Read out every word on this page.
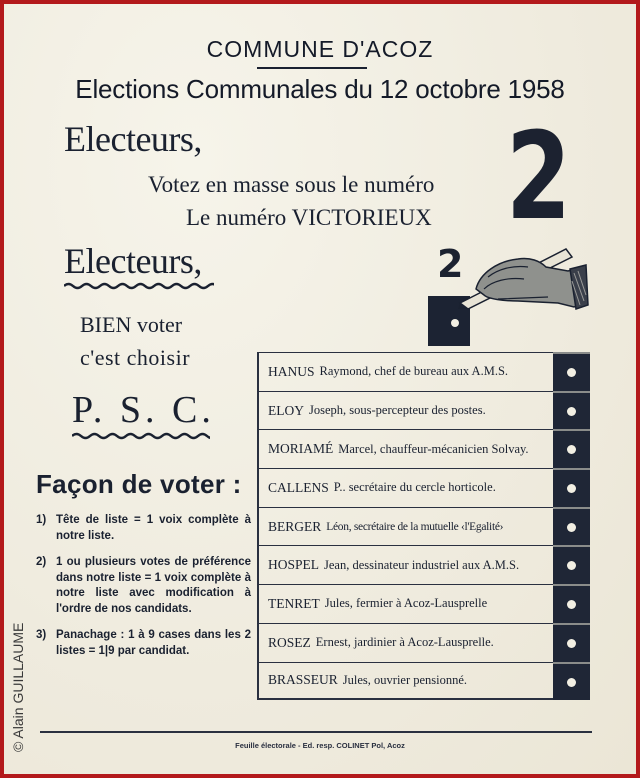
COMMUNE D'ACOZ
Elections Communales du 12 octobre 1958
Electeurs,
Votez en masse sous le numéro
Le numéro VICTORIEUX 2
Electeurs,
BIEN voter
c'est choisir
P. S. C.
Façon de voter :
1) Tête de liste = 1 voix complète à notre liste.
2) 1 ou plusieurs votes de préférence dans notre liste = 1 voix complète à notre liste avec modification à l'ordre de nos candidats.
3) Panachage : 1 à 9 cases dans les 2 listes = 1|9 par candidat.
2
HANUS Raymond, chef de bureau aux A.M.S.
ELOY Joseph, sous-percepteur des postes.
MORIAMÉ Marcel, chauffeur-mécanicien Solvay.
CALLENS P.. secrétaire du cercle horticole.
BERGER Léon, secrétaire de la mutuelle ‹l'Egalité›
HOSPEL Jean, dessinateur industriel aux A.M.S.
TENRET Jules, fermier à Acoz-Lausprelle
ROSEZ Ernest, jardinier à Acoz-Lausprelle.
BRASSEUR Jules, ouvrier pensionné.
Feuille électorale - Ed. resp. COLINET Pol, Acoz
© Alain GUILLAUME
